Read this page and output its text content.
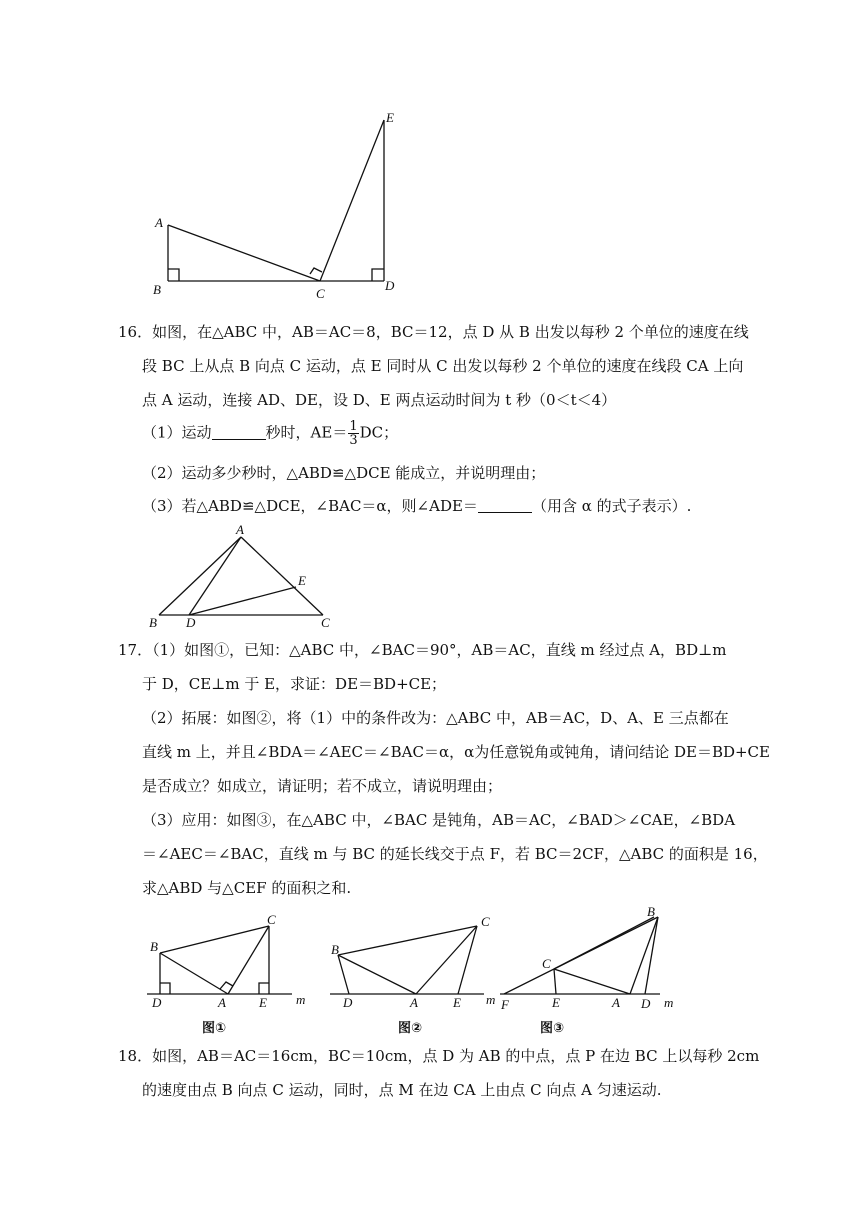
A
B	C
D
E
A
B	C
D
E
B
C
D	A	E m
图①
B
C
D	A	E m
图②
B
C
F	E	A D m
图③
16．如图，在△ABC 中，AB＝AC＝8，BC＝12，点 D 从 B 出发以每秒 2 个单位的速度在线
段 BC 上从点 B 向点 C 运动，点 E 同时从 C 出发以每秒 2 个单位的速度在线段 CA 上向
点 A 运动，连接 AD、DE，设 D、E 两点运动时间为 t 秒（0＜t＜4）
（1）运动	秒时，$AE= \frac{1}{3}$ DC；
（2）运动多少秒时，△ABD≌△DCE 能成立，并说明理由；
（3）若△ABD≌△DCE，∠BAC＝α，则∠ADE＝	（用含 α 的式子表示）.
17．（1）如图①，已知：△ABC 中，∠BAC＝90°，AB＝AC，直线 m 经过点 A，BD⊥m
于 D，CE⊥m 于 E，求证：DE＝BD+CE；
（2）拓展：如图②，将（1）中的条件改为：△ABC 中，AB＝AC，D、A、E 三点都在
直线 m 上，并且∠BDA＝∠AEC＝∠BAC＝α，α为任意锐角或钝角，请问结论 DE＝BD+CE
是否成立？如成立，请证明；若不成立，请说明理由；
（3）应用：如图③，在△ABC 中，∠BAC 是钝角，AB＝AC，∠BAD＞∠CAE，∠BDA
＝∠AEC＝∠BAC，直线 m 与 BC 的延长线交于点 F，若 BC＝2CF，△ABC 的面积是 16，
求△ABD 与△CEF 的面积之和.
18．如图，AB＝AC＝16cm，BC＝10cm，点 D 为 AB 的中点，点 P 在边 BC 上以每秒 2cm
的速度由点 B 向点 C 运动，同时，点 M 在边 CA 上由点 C 向点 A 匀速运动.
